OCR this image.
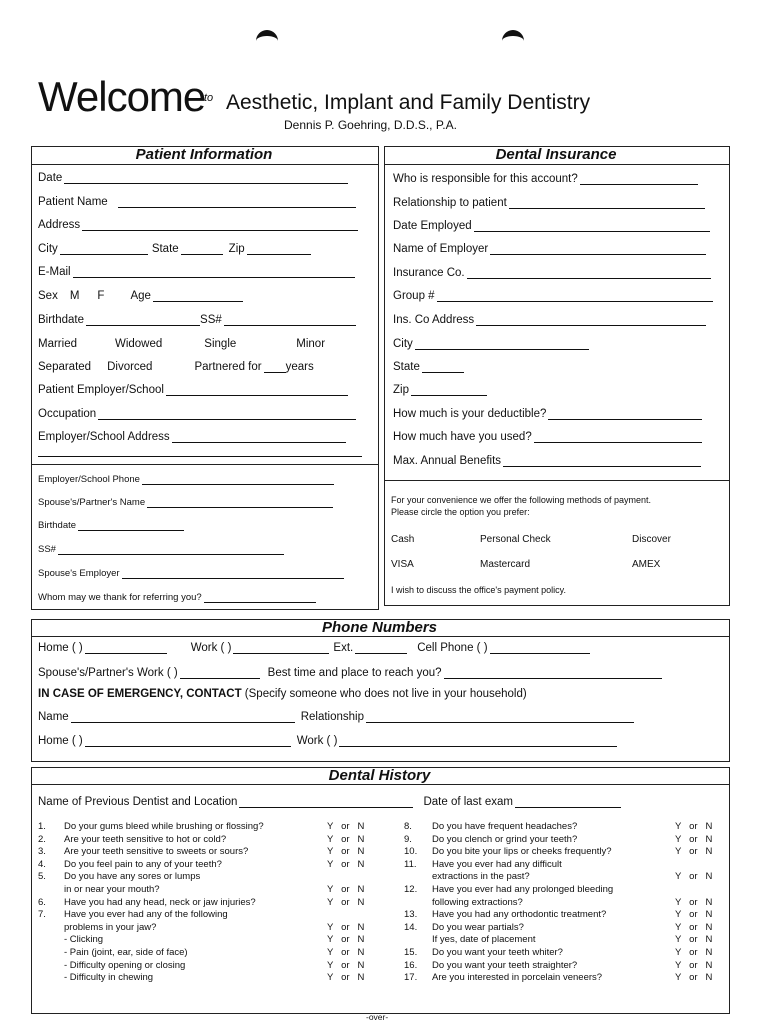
Welcome
to Aesthetic, Implant and Family Dentistry
Dennis P. Goehring, D.D.S., P.A.
Patient Information
Date
Patient Name
Address
City	State	Zip
E-Mail
Sex M F Age
Birthdate	SS#
Married	Widowed	Single	Minor
Separated Divorced	Partnered for years
Patient Employer/School
Occupation
Employer/School Address
Employer/School Phone
Spouse's/Partner's Name
Birthdate
SS#
Spouse's Employer
Whom may we thank for referring you?
Dental Insurance
Who is responsible for this account?
Relationship to patient
Date Employed
Name of Employer
Insurance Co.
Group #
Ins. Co Address
City
State
Zip
How much is your deductible?
How much have you used?
Max. Annual Benefits
For your convenience we offer the following methods of payment.
Please circle the option you prefer:
Cash	Personal Check	Discover
VISA	Mastercard	AMEX
I wish to discuss the office's payment policy.
Phone Numbers
Home ( )	Work ( )	Ext.	Cell Phone ( )
Spouse's/Partner's Work ( )	Best time and place to reach you?
IN CASE OF EMERGENCY, CONTACT (Specify someone who does not live in your household)
Name	Relationship
Home ( )	Work ( )
Dental History
Name of Previous Dentist and Location	Date of last exam
1. Do your gums bleed while brushing or flossing?	Y   or   N
2. Are your teeth sensitive to hot or cold?	Y   or   N
3. Are your teeth sensitive to sweets or sours?	Y   or   N
4. Do you feel pain to any of your teeth?	Y   or   N
5. Do you have any sores or lumps
in or near your mouth?	Y   or   N
6. Have you had any head, neck or jaw injuries?	Y   or   N
7. Have you ever had any of the following
problems in your jaw?	Y   or   N
- Clicking	Y   or   N
- Pain (joint, ear, side of face)	Y   or   N
- Difficulty opening or closing	Y   or   N
- Difficulty in chewing	Y   or   N
8. Do you have frequent headaches?	Y   or   N
9. Do you clench or grind your teeth?	Y   or   N
10. Do you bite your lips or cheeks frequently?	Y   or   N
11. Have you ever had any difficult
extractions in the past?	Y   or   N
12. Have you ever had any prolonged bleeding
following extractions?	Y   or   N
13. Have you had any orthodontic treatment?	Y   or   N
14. Do you wear partials?	Y   or   N
If yes, date of placement	Y   or   N
15. Do you want your teeth whiter?	Y   or   N
16. Do you want your teeth straighter?	Y   or   N
17. Are you interested in porcelain veneers?	Y   or   N
-over-
